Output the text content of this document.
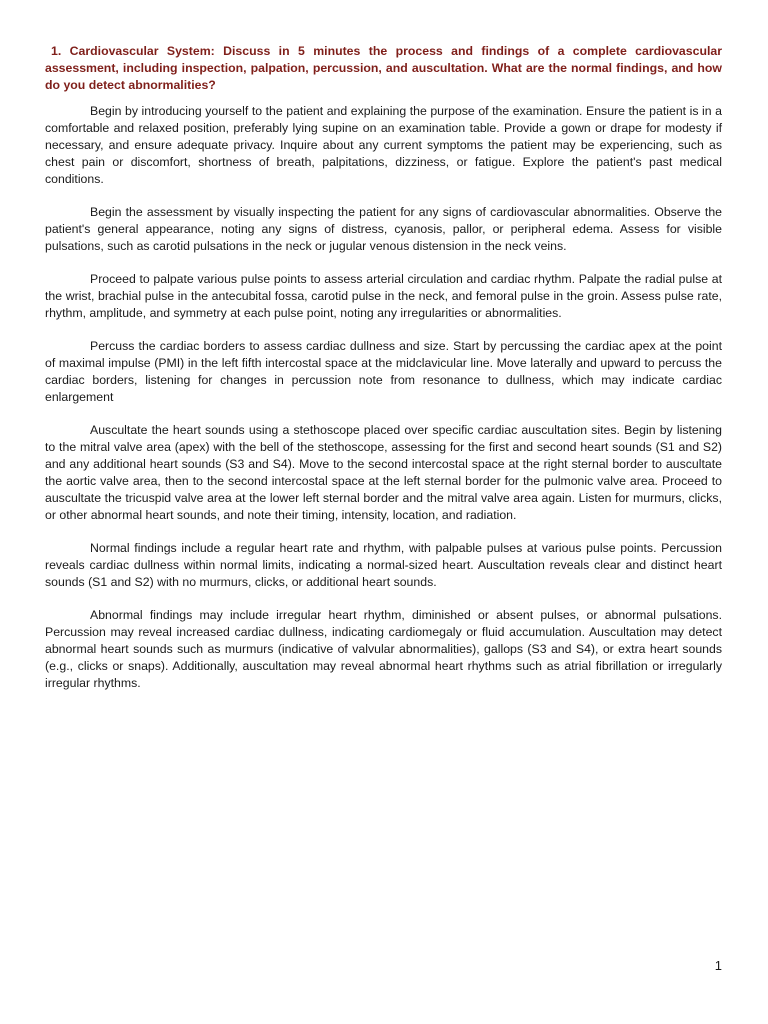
1. Cardiovascular System: Discuss in 5 minutes the process and findings of a complete cardiovascular assessment, including inspection, palpation, percussion, and auscultation. What are the normal findings, and how do you detect abnormalities?

Begin by introducing yourself to the patient and explaining the purpose of the examination. Ensure the patient is in a comfortable and relaxed position, preferably lying supine on an examination table. Provide a gown or drape for modesty if necessary, and ensure adequate privacy. Inquire about any current symptoms the patient may be experiencing, such as chest pain or discomfort, shortness of breath, palpitations, dizziness, or fatigue. Explore the patient's past medical conditions.

Begin the assessment by visually inspecting the patient for any signs of cardiovascular abnormalities. Observe the patient's general appearance, noting any signs of distress, cyanosis, pallor, or peripheral edema. Assess for visible pulsations, such as carotid pulsations in the neck or jugular venous distension in the neck veins.

Proceed to palpate various pulse points to assess arterial circulation and cardiac rhythm. Palpate the radial pulse at the wrist, brachial pulse in the antecubital fossa, carotid pulse in the neck, and femoral pulse in the groin. Assess pulse rate, rhythm, amplitude, and symmetry at each pulse point, noting any irregularities or abnormalities.

Percuss the cardiac borders to assess cardiac dullness and size. Start by percussing the cardiac apex at the point of maximal impulse (PMI) in the left fifth intercostal space at the midclavicular line. Move laterally and upward to percuss the cardiac borders, listening for changes in percussion note from resonance to dullness, which may indicate cardiac enlargement

Auscultate the heart sounds using a stethoscope placed over specific cardiac auscultation sites. Begin by listening to the mitral valve area (apex) with the bell of the stethoscope, assessing for the first and second heart sounds (S1 and S2) and any additional heart sounds (S3 and S4). Move to the second intercostal space at the right sternal border to auscultate the aortic valve area, then to the second intercostal space at the left sternal border for the pulmonic valve area. Proceed to auscultate the tricuspid valve area at the lower left sternal border and the mitral valve area again. Listen for murmurs, clicks, or other abnormal heart sounds, and note their timing, intensity, location, and radiation.

Normal findings include a regular heart rate and rhythm, with palpable pulses at various pulse points. Percussion reveals cardiac dullness within normal limits, indicating a normal-sized heart. Auscultation reveals clear and distinct heart sounds (S1 and S2) with no murmurs, clicks, or additional heart sounds.

Abnormal findings may include irregular heart rhythm, diminished or absent pulses, or abnormal pulsations. Percussion may reveal increased cardiac dullness, indicating cardiomegaly or fluid accumulation. Auscultation may detect abnormal heart sounds such as murmurs (indicative of valvular abnormalities), gallops (S3 and S4), or extra heart sounds (e.g., clicks or snaps). Additionally, auscultation may reveal abnormal heart rhythms such as atrial fibrillation or irregularly irregular rhythms.

1
